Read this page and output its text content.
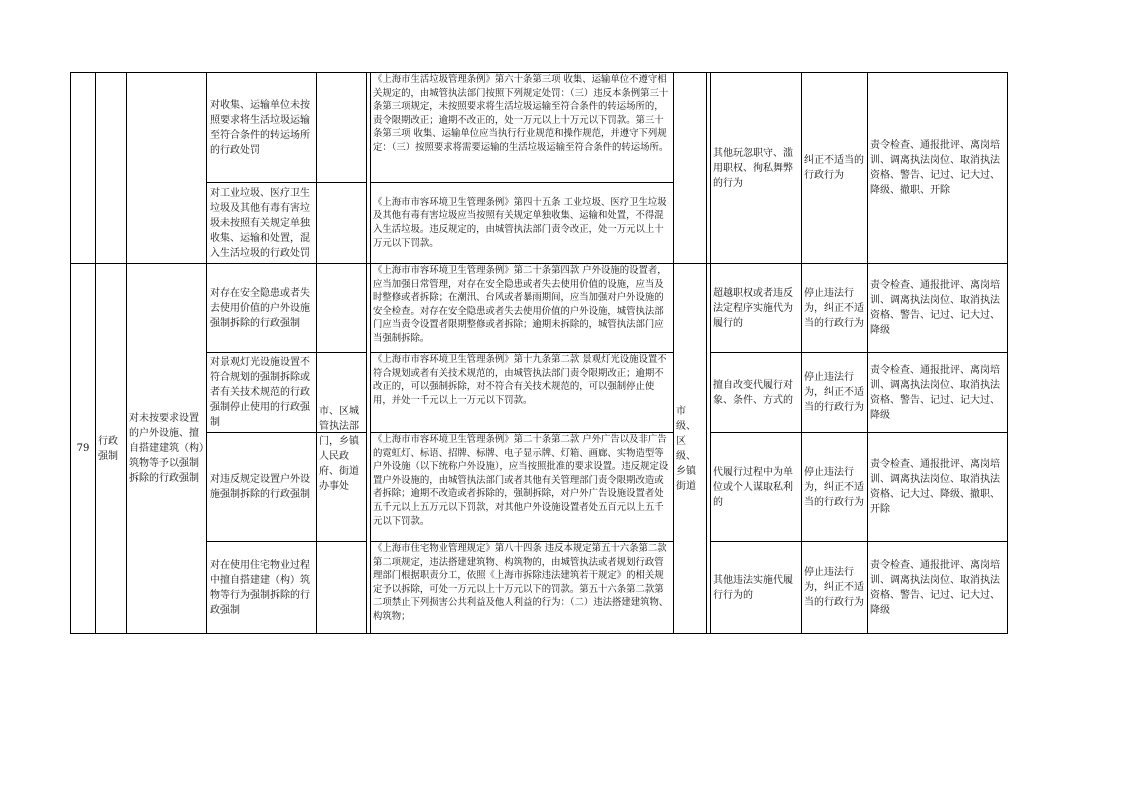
对收集、运输单位未按照要求将生活垃圾运输至符合条件的转运场所的行政处罚
《上海市生活垃圾管理条例》第六十条第三项 收集、运输单位不遵守相关规定的，由城管执法部门按照下列规定处罚：（三）违反本条例第三十条第三项规定，未按照要求将生活垃圾运输至符合条件的转运场所的，责令限期改正；逾期不改正的，处一万元以上十万元以下罚款。第三十条第三项 收集、运输单位应当执行行业规范和操作规范，并遵守下列规定：（三）按照要求将需要运输的生活垃圾运输至符合条件的转运场所。
对工业垃圾、医疗卫生垃圾及其他有毒有害垃圾未按照有关规定单独收集、运输和处置，混入生活垃圾的行政处罚
《上海市市容环境卫生管理条例》第四十五条 工业垃圾、医疗卫生垃圾及其他有毒有害垃圾应当按照有关规定单独收集、运输和处置，不得混入生活垃圾。违反规定的，由城管执法部门责令改正，处一万元以上十万元以下罚款。
其他玩忽职守、滥用职权、徇私舞弊的行为
纠正不适当的行政行为
责令检查、通报批评、离岗培训、调离执法岗位、取消执法资格、警告、记过、记大过、降级、撤职、开除
79
行政强制
对未按要求设置的户外设施、擅自搭建建筑（构）筑物等予以强制拆除的行政强制
市、区城管执法部门，乡镇人民政府、街道办事处
市级、区级、乡镇街道
对存在安全隐患或者失去使用价值的户外设施强制拆除的行政强制
《上海市市容环境卫生管理条例》第二十条第四款 户外设施的设置者，应当加强日常管理，对存在安全隐患或者失去使用价值的设施，应当及时整修或者拆除；在潮汛、台风或者暴雨期间，应当加强对户外设施的安全检查。对存在安全隐患或者失去使用价值的户外设施，城管执法部门应当责令设置者限期整修或者拆除；逾期未拆除的，城管执法部门应当强制拆除。
超越职权或者违反法定程序实施代为履行的
停止违法行为，纠正不适当的行政行为
责令检查、通报批评、离岗培训、调离执法岗位、取消执法资格、警告、记过、记大过、降级
对景观灯光设施设置不符合规划的强制拆除或者有关技术规范的行政强制停止使用的行政强制
《上海市市容环境卫生管理条例》第十九条第二款 景观灯光设施设置不符合规划或者有关技术规范的，由城管执法部门责令限期改正；逾期不改正的，可以强制拆除，对不符合有关技术规范的，可以强制停止使用，并处一千元以上一万元以下罚款。
擅自改变代履行对象、条件、方式的
停止违法行为，纠正不适当的行政行为
责令检查、通报批评、离岗培训、调离执法岗位、取消执法资格、警告、记过、记大过、降级
对违反规定设置户外设施强制拆除的行政强制
《上海市市容环境卫生管理条例》第二十条第二款 户外广告以及非广告的霓虹灯、标语、招牌、标牌、电子显示牌、灯箱、画廊、实物造型等户外设施（以下统称户外设施），应当按照批准的要求设置。违反规定设置户外设施的，由城管执法部门或者其他有关管理部门责令限期改造或者拆除；逾期不改造或者拆除的，强制拆除，对户外广告设施设置者处五千元以上五万元以下罚款，对其他户外设施设置者处五百元以上五千元以下罚款。
代履行过程中为单位或个人谋取私利的
停止违法行为，纠正不适当的行政行为
责令检查、通报批评、离岗培训、调离执法岗位、取消执法资格、记大过、降级、撤职、开除
对在使用住宅物业过程中擅自搭建建（构）筑物等行为强制拆除的行政强制
《上海市住宅物业管理规定》第八十四条 违反本规定第五十六条第二款第二项规定，违法搭建建筑物、构筑物的，由城管执法或者规划行政管理部门根据职责分工，依照《上海市拆除违法建筑若干规定》的相关规定予以拆除，可处一万元以上十万元以下的罚款。第五十六条第二款第二项禁止下列损害公共利益及他人利益的行为：（二）违法搭建建筑物、构筑物；
其他违法实施代履行行为的
停止违法行为，纠正不适当的行政行为
责令检查、通报批评、离岗培训、调离执法岗位、取消执法资格、警告、记过、记大过、降级
